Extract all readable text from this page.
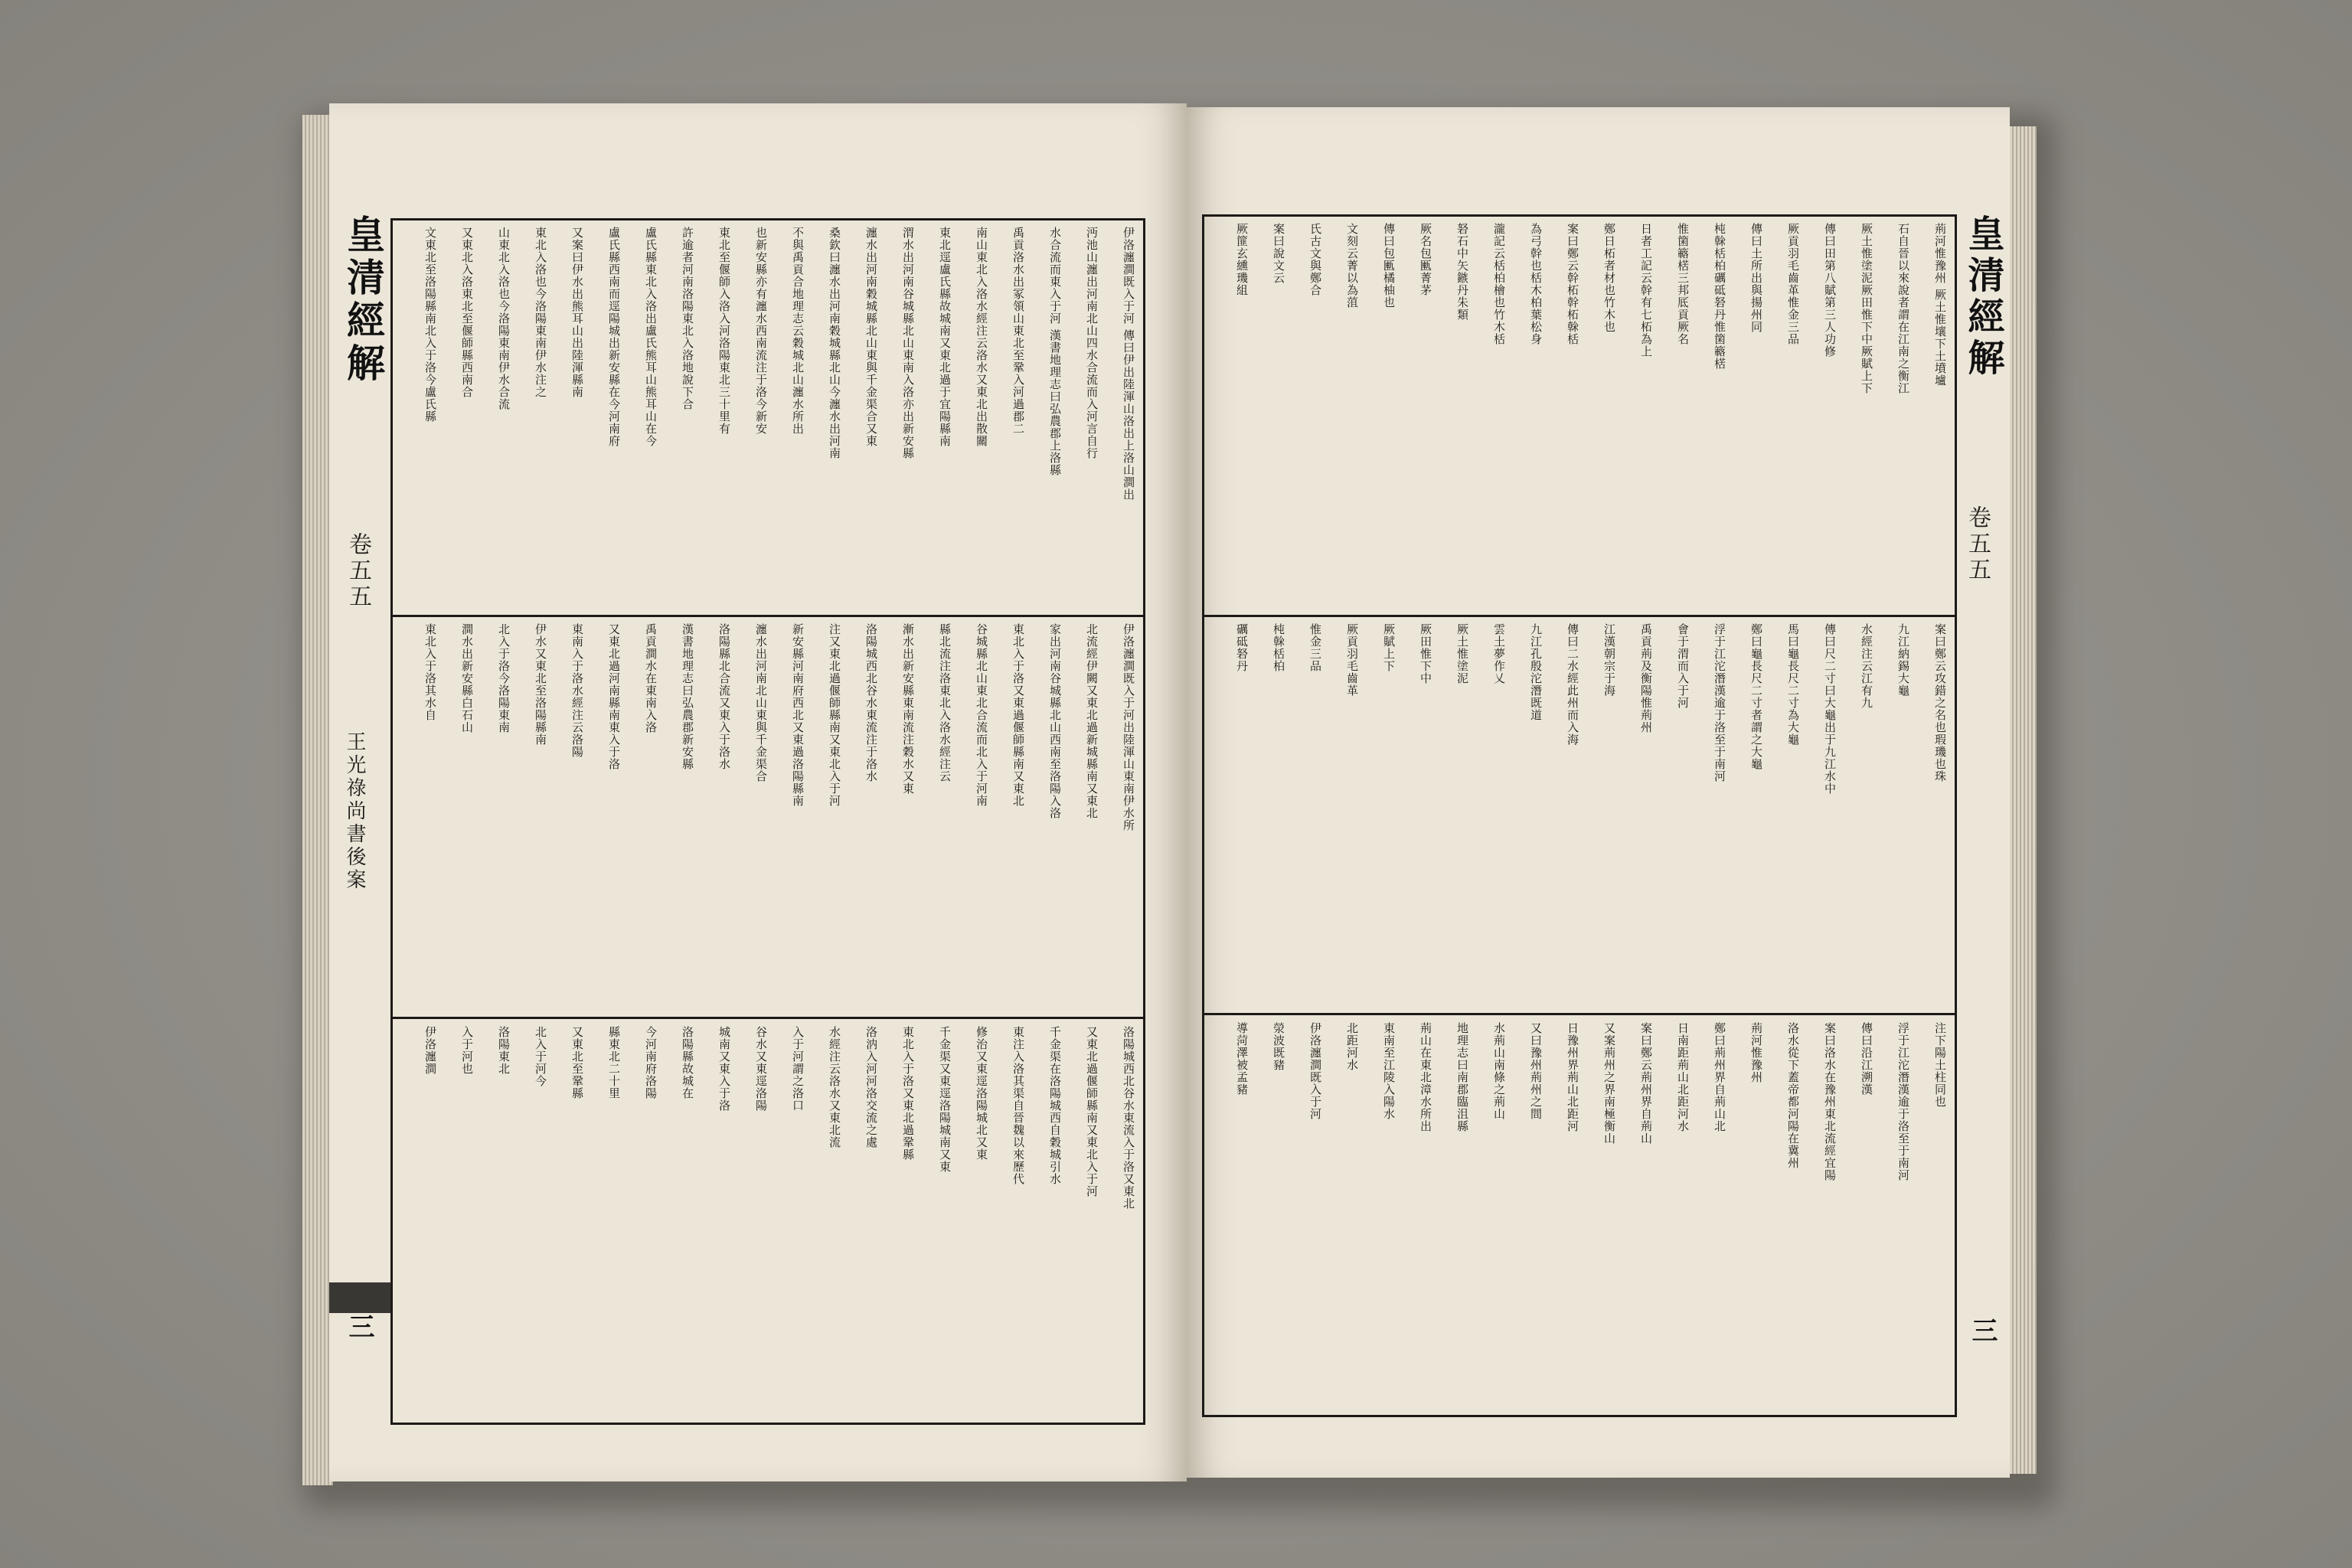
皇清經解
卷五五
王光祿尚書後案
三
伊洛瀍澗既入于河 傳曰伊出陸渾山洛出上洛山澗出
沔池山瀍出河南北山四水合流而入河言自行
水合流而東入于河 漢書地理志曰弘農郡上洛縣
禹貢洛水出冢領山東北至鞏入河過郡二
南山東北入洛水經注云洛水又東北出散關
東北逕盧氏縣故城南又東北過于宜陽縣南
渭水出河南谷城縣北山東南入洛亦出新安縣
瀍水出河南穀城縣北山東與千金渠合又東
桑欽曰瀍水出河南穀城縣北山今瀍水出河南
不與禹貢合地理志云穀城北山瀍水所出
也新安縣亦有瀍水西南流注于洛今新安
東北至偃師入洛入河洛陽東北三十里有
許逾者河南洛陽東北入洛地說下合
盧氏縣東北入洛出盧氏熊耳山熊耳山在今
盧氏縣西南而逕陽城出新安縣在今河南府
又案曰伊水出熊耳山出陸渾縣南
東北入洛也今洛陽東南伊水注之
山東北入洛也今洛陽東南伊水合流
又東北入洛東北至偃師縣西南合
文東北至洛陽縣南北入于洛今盧氏縣
伊洛瀍澗既入于河出陸渾山東南伊水所
北流經伊闕又東北過新城縣南又東北
家出河南谷城縣北山西南至洛陽入洛
東北入于洛又東過偃師縣南又東北
谷城縣北山東北合流而北入于河南
縣北流注洛東北入洛水經注云
漸水出新安縣東南流注穀水又東
洛陽城西北谷水東流注于洛水
注又東北過偃師縣南又東北入于河
新安縣河南府西北又東過洛陽縣南
瀍水出河南北山東與千金渠合
洛陽縣北合流又東入于洛水
漢書地理志曰弘農郡新安縣
禹貢澗水在東南入洛
又東北過河南縣南東入于洛
東南入于洛水經注云洛陽
伊水又東北至洛陽縣南
北入于洛今洛陽東南
澗水出新安縣白石山
東北入于洛其水自
洛陽城西北谷水東流入于洛又東北
又東北過偃師縣南又東北入于河
千金渠在洛陽城西自穀城引水
東注入洛其渠自晉魏以來歷代
修治又東逕洛陽城北又東
千金渠又東逕洛陽城南又東
東北入于洛又東北過鞏縣
洛汭入河河洛交流之處
水經注云洛水又東北流
入于河謂之洛口
谷水又東逕洛陽
城南又東入于洛
洛陽縣故城在
今河南府洛陽
縣東北二十里
又東北至鞏縣
北入于河今
洛陽東北
入于河也
伊洛瀍澗
皇清經解
卷五五
三
荊河惟豫州 厥土惟壤下土墳壚
石自晉以來說者謂在江南之衡江
厥土惟塗泥厥田惟下中厥賦上下
傳曰田第八賦第三人功修
厥貢羽毛齒革惟金三品
傳曰土所出與揚州同
杶榦栝柏礪砥砮丹惟箘簵楛
惟箘簵楛三邦厎貢厥名
日者工記云幹有七柘為上
鄭日柘者材也竹木也
案曰鄭云幹柘幹柘榦栝
為弓幹也栝木柏葉松身
瀧記云栝柏檜也竹木栝
砮石中矢鏃丹朱類
厥名包匭菁茅
傳曰包匭橘柚也
文刻云菁以為菹
氏古文與鄭合
案曰說文云
厥篚玄纁璣組
案曰鄭云攻錯之名也瑕璣也珠
九江納錫大龜
水經注云江有九
傳曰尺二寸曰大龜出于九江水中
馬曰龜長尺二寸為大龜
鄭曰龜長尺二寸者謂之大龜
浮于江沱潛漢逾于洛至于南河
會于渭而入于河
禹貢荊及衡陽惟荊州
江漢朝宗于海
傳曰二水經此州而入海
九江孔殷沱潛既道
雲土夢作乂
厥土惟塗泥
厥田惟下中
厥賦上下
厥貢羽毛齒革
惟金三品
杶榦栝柏
礪砥砮丹
注下陽土柱同也
浮于江沱潛漢逾于洛至于南河
傳曰沿江溯漢
案曰洛水在豫州東北流經宜陽
洛水從下蓋帝都河陽在冀州
荊河惟豫州
鄭曰荊州界自荊山北
日南距荊山北距河水
案曰鄭云荊州界自荊山
又案荊州之界南極衡山
日豫州界荊山北距河
又曰豫州荊州之間
水荊山南條之荊山
地理志曰南郡臨沮縣
荊山在東北漳水所出
東南至江陵入陽水
北距河水
伊洛瀍澗既入于河
滎波既豬
導菏澤被孟豬
